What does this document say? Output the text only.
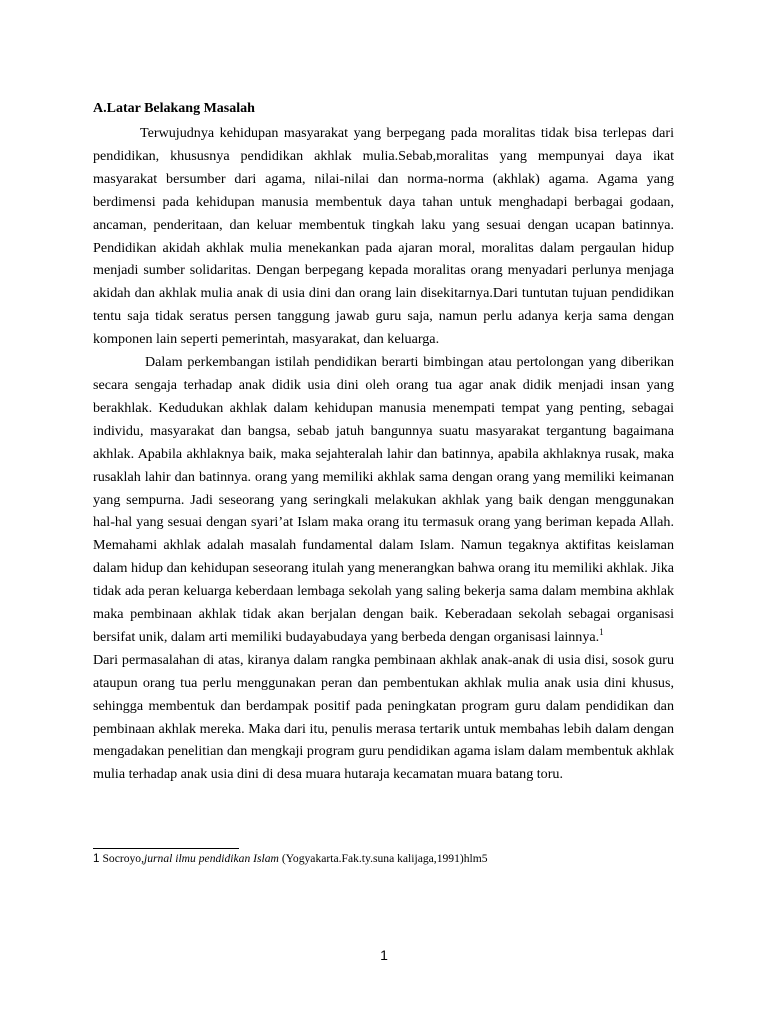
A.Latar Belakang Masalah

Terwujudnya kehidupan masyarakat yang berpegang pada moralitas tidak bisa terlepas dari pendidikan, khususnya pendidikan akhlak mulia.Sebab,moralitas yang mempunyai daya ikat masyarakat bersumber dari agama, nilai-nilai dan norma-norma (akhlak) agama. Agama yang berdimensi pada kehidupan manusia membentuk daya tahan untuk menghadapi berbagai godaan, ancaman, penderitaan, dan keluar membentuk tingkah laku yang sesuai dengan ucapan batinnya. Pendidikan akidah akhlak mulia menekankan pada ajaran moral, moralitas dalam pergaulan hidup menjadi sumber solidaritas. Dengan berpegang kepada moralitas orang menyadari perlunya menjaga akidah dan akhlak mulia anak di usia dini dan orang lain disekitarnya.Dari tuntutan tujuan pendidikan tentu saja tidak seratus persen tanggung jawab guru saja, namun perlu adanya kerja sama dengan komponen lain seperti pemerintah, masyarakat, dan keluarga.

Dalam perkembangan istilah pendidikan berarti bimbingan atau pertolongan yang diberikan secara sengaja terhadap anak didik usia dini oleh orang tua agar anak didik menjadi insan yang berakhlak. Kedudukan akhlak dalam kehidupan manusia menempati tempat yang penting, sebagai individu, masyarakat dan bangsa, sebab jatuh bangunnya suatu masyarakat tergantung bagaimana akhlak. Apabila akhlaknya baik, maka sejahteralah lahir dan batinnya, apabila akhlaknya rusak, maka rusaklah lahir dan batinnya. orang yang memiliki akhlak sama dengan orang yang memiliki keimanan yang sempurna. Jadi seseorang yang seringkali melakukan akhlak yang baik dengan menggunakan hal-hal yang sesuai dengan syari’at Islam maka orang itu termasuk orang yang beriman kepada Allah. Memahami akhlak adalah masalah fundamental dalam Islam. Namun tegaknya aktifitas keislaman dalam hidup dan kehidupan seseorang itulah yang menerangkan bahwa orang itu memiliki akhlak. Jika tidak ada peran keluarga keberdaan lembaga sekolah yang saling bekerja sama dalam membina akhlak maka pembinaan akhlak tidak akan berjalan dengan baik. Keberadaan sekolah sebagai organisasi bersifat unik, dalam arti memiliki budayabudaya yang berbeda dengan organisasi lainnya.$^1$

Dari permasalahan di atas, kiranya dalam rangka pembinaan akhlak anak-anak di usia disi, sosok guru ataupun orang tua perlu menggunakan peran dan pembentukan akhlak mulia anak usia dini khusus, sehingga membentuk dan berdampak positif pada peningkatan program guru dalam pendidikan dan pembinaan akhlak mereka. Maka dari itu, penulis merasa tertarik untuk membahas lebih dalam dengan mengadakan penelitian dan mengkaji program guru pendidikan agama islam dalam membentuk akhlak mulia terhadap anak usia dini di desa muara hutaraja kecamatan muara batang toru.

1 Socroyo,jurnal ilmu pendidikan Islam (Yogyakarta.Fak.ty.suna kalijaga,1991)hlm5
1
